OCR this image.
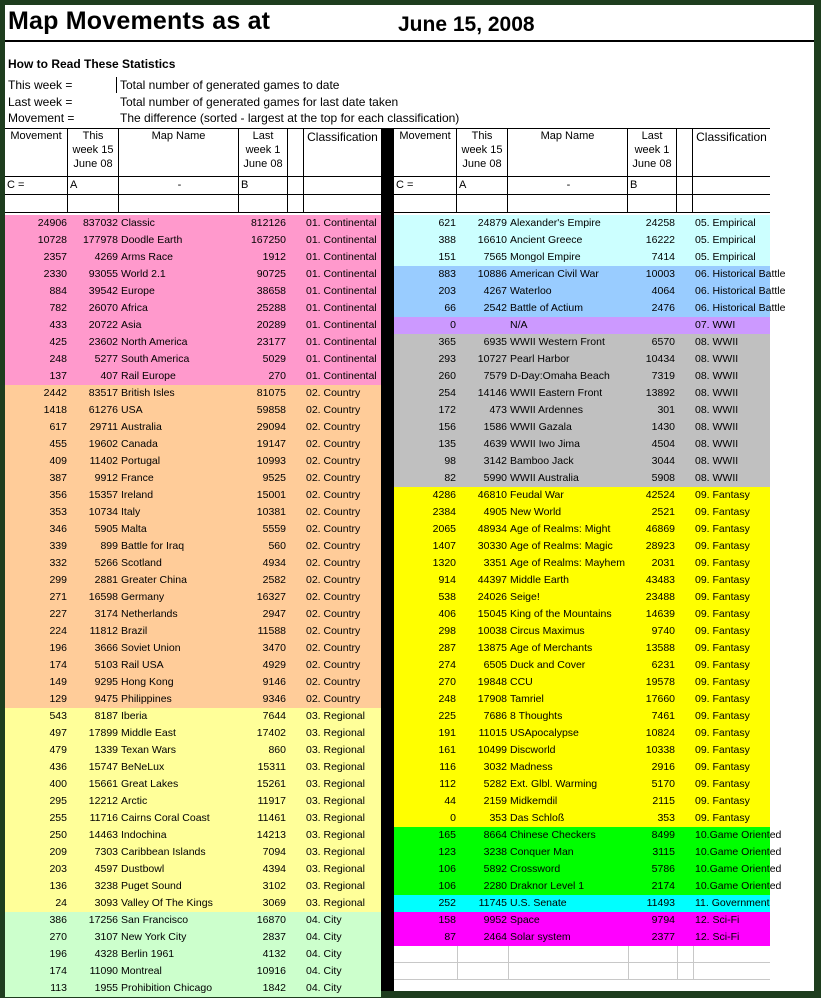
Map Movements as at	June 15, 2008
How to Read These Statistics
This week =	Total number of generated games to date
Last week =	Total number of generated games for last date taken
Movement =	The difference (sorted - largest at the top for each classification)
Movement	This
week 15
June 08
Map Name	Last
week 1
June 08
Classification
C =	A	-	B
24906	837032 Classic	812126 01. Continental
10728	177978 Doodle Earth	167250 01. Continental
2357	4269 Arms Race	1912 01. Continental
2330	93055 World 2.1	90725 01. Continental
884	39542 Europe	38658 01. Continental
782	26070 Africa	25288 01. Continental
433	20722 Asia	20289 01. Continental
425	23602 North America	23177 01. Continental
248	5277 South America	5029 01. Continental
137	407 Rail Europe	270 01. Continental
2442	83517 British Isles	81075 02. Country
1418	61276 USA	59858 02. Country
617	29711 Australia	29094 02. Country
455	19602 Canada	19147 02. Country
409	11402 Portugal	10993 02. Country
387	9912 France	9525 02. Country
356	15357 Ireland	15001 02. Country
353	10734 Italy	10381 02. Country
346	5905 Malta	5559 02. Country
339	899 Battle for Iraq	560 02. Country
332	5266 Scotland	4934 02. Country
299	2881 Greater China	2582 02. Country
271	16598 Germany	16327 02. Country
227	3174 Netherlands	2947 02. Country
224	11812 Brazil	11588 02. Country
196	3666 Soviet Union	3470 02. Country
174	5103 Rail USA	4929 02. Country
149	9295 Hong Kong	9146 02. Country
129	9475 Philippines	9346 02. Country
543	8187 Iberia	7644 03. Regional
497	17899 Middle East	17402 03. Regional
479	1339 Texan Wars	860 03. Regional
436	15747 BeNeLux	15311 03. Regional
400	15661 Great Lakes	15261 03. Regional
295	12212 Arctic	11917 03. Regional
255	11716 Cairns Coral Coast	11461 03. Regional
250	14463 Indochina	14213 03. Regional
209	7303 Caribbean Islands	7094 03. Regional
203	4597 Dustbowl	4394 03. Regional
136	3238 Puget Sound	3102 03. Regional
24	3093 Valley Of The Kings	3069 03. Regional
386	17256 San Francisco	16870 04. City
270	3107 New York City	2837 04. City
196	4328 Berlin 1961	4132 04. City
174	11090 Montreal	10916 04. City
113	1955 Prohibition Chicago	1842 04. City
Movement	This
week 15
June 08
Map Name	Last
week 1
June 08
Classification
C =	A	-	B
621	24879 Alexander's Empire	24258 05. Empirical
388	16610 Ancient Greece	16222 05. Empirical
151	7565 Mongol Empire	7414 05. Empirical
883	10886 American Civil War	10003 06. Historical Battle
203	4267 Waterloo	4064 06. Historical Battle
66	2542 Battle of Actium	2476 06. Historical Battle
0	N/A	07. WWI
365	6935 WWII Western Front	6570 08. WWII
293	10727 Pearl Harbor	10434 08. WWII
260	7579 D-Day:Omaha Beach	7319 08. WWII
254	14146 WWII Eastern Front	13892 08. WWII
172	473 WWII Ardennes	301 08. WWII
156	1586 WWII Gazala	1430 08. WWII
135	4639 WWII Iwo Jima	4504 08. WWII
98	3142 Bamboo Jack	3044 08. WWII
82	5990 WWII Australia	5908 08. WWII
4286	46810 Feudal War	42524 09. Fantasy
2384	4905 New World	2521 09. Fantasy
2065	48934 Age of Realms: Might	46869 09. Fantasy
1407	30330 Age of Realms: Magic	28923 09. Fantasy
1320	3351 Age of Realms: Mayhem	2031 09. Fantasy
914	44397 Middle Earth	43483 09. Fantasy
538	24026 Seige!	23488 09. Fantasy
406	15045 King of the Mountains	14639 09. Fantasy
298	10038 Circus Maximus	9740 09. Fantasy
287	13875 Age of Merchants	13588 09. Fantasy
274	6505 Duck and Cover	6231 09. Fantasy
270	19848 CCU	19578 09. Fantasy
248	17908 Tamriel	17660 09. Fantasy
225	7686 8 Thoughts	7461 09. Fantasy
191	11015 USApocalypse	10824 09. Fantasy
161	10499 Discworld	10338 09. Fantasy
116	3032 Madness	2916 09. Fantasy
112	5282 Ext. Glbl. Warming	5170 09. Fantasy
44	2159 Midkemdil	2115 09. Fantasy
0	353 Das Schloß	353 09. Fantasy
165	8664 Chinese Checkers	8499 10.Game Oriented
123	3238 Conquer Man	3115 10.Game Oriented
106	5892 Crossword	5786 10.Game Oriented
106	2280 Draknor Level 1	2174 10.Game Oriented
252	11745 U.S. Senate	11493 11. Government
158	9952 Space	9794 12. Sci-Fi
87	2464 Solar system	2377 12. Sci-Fi
